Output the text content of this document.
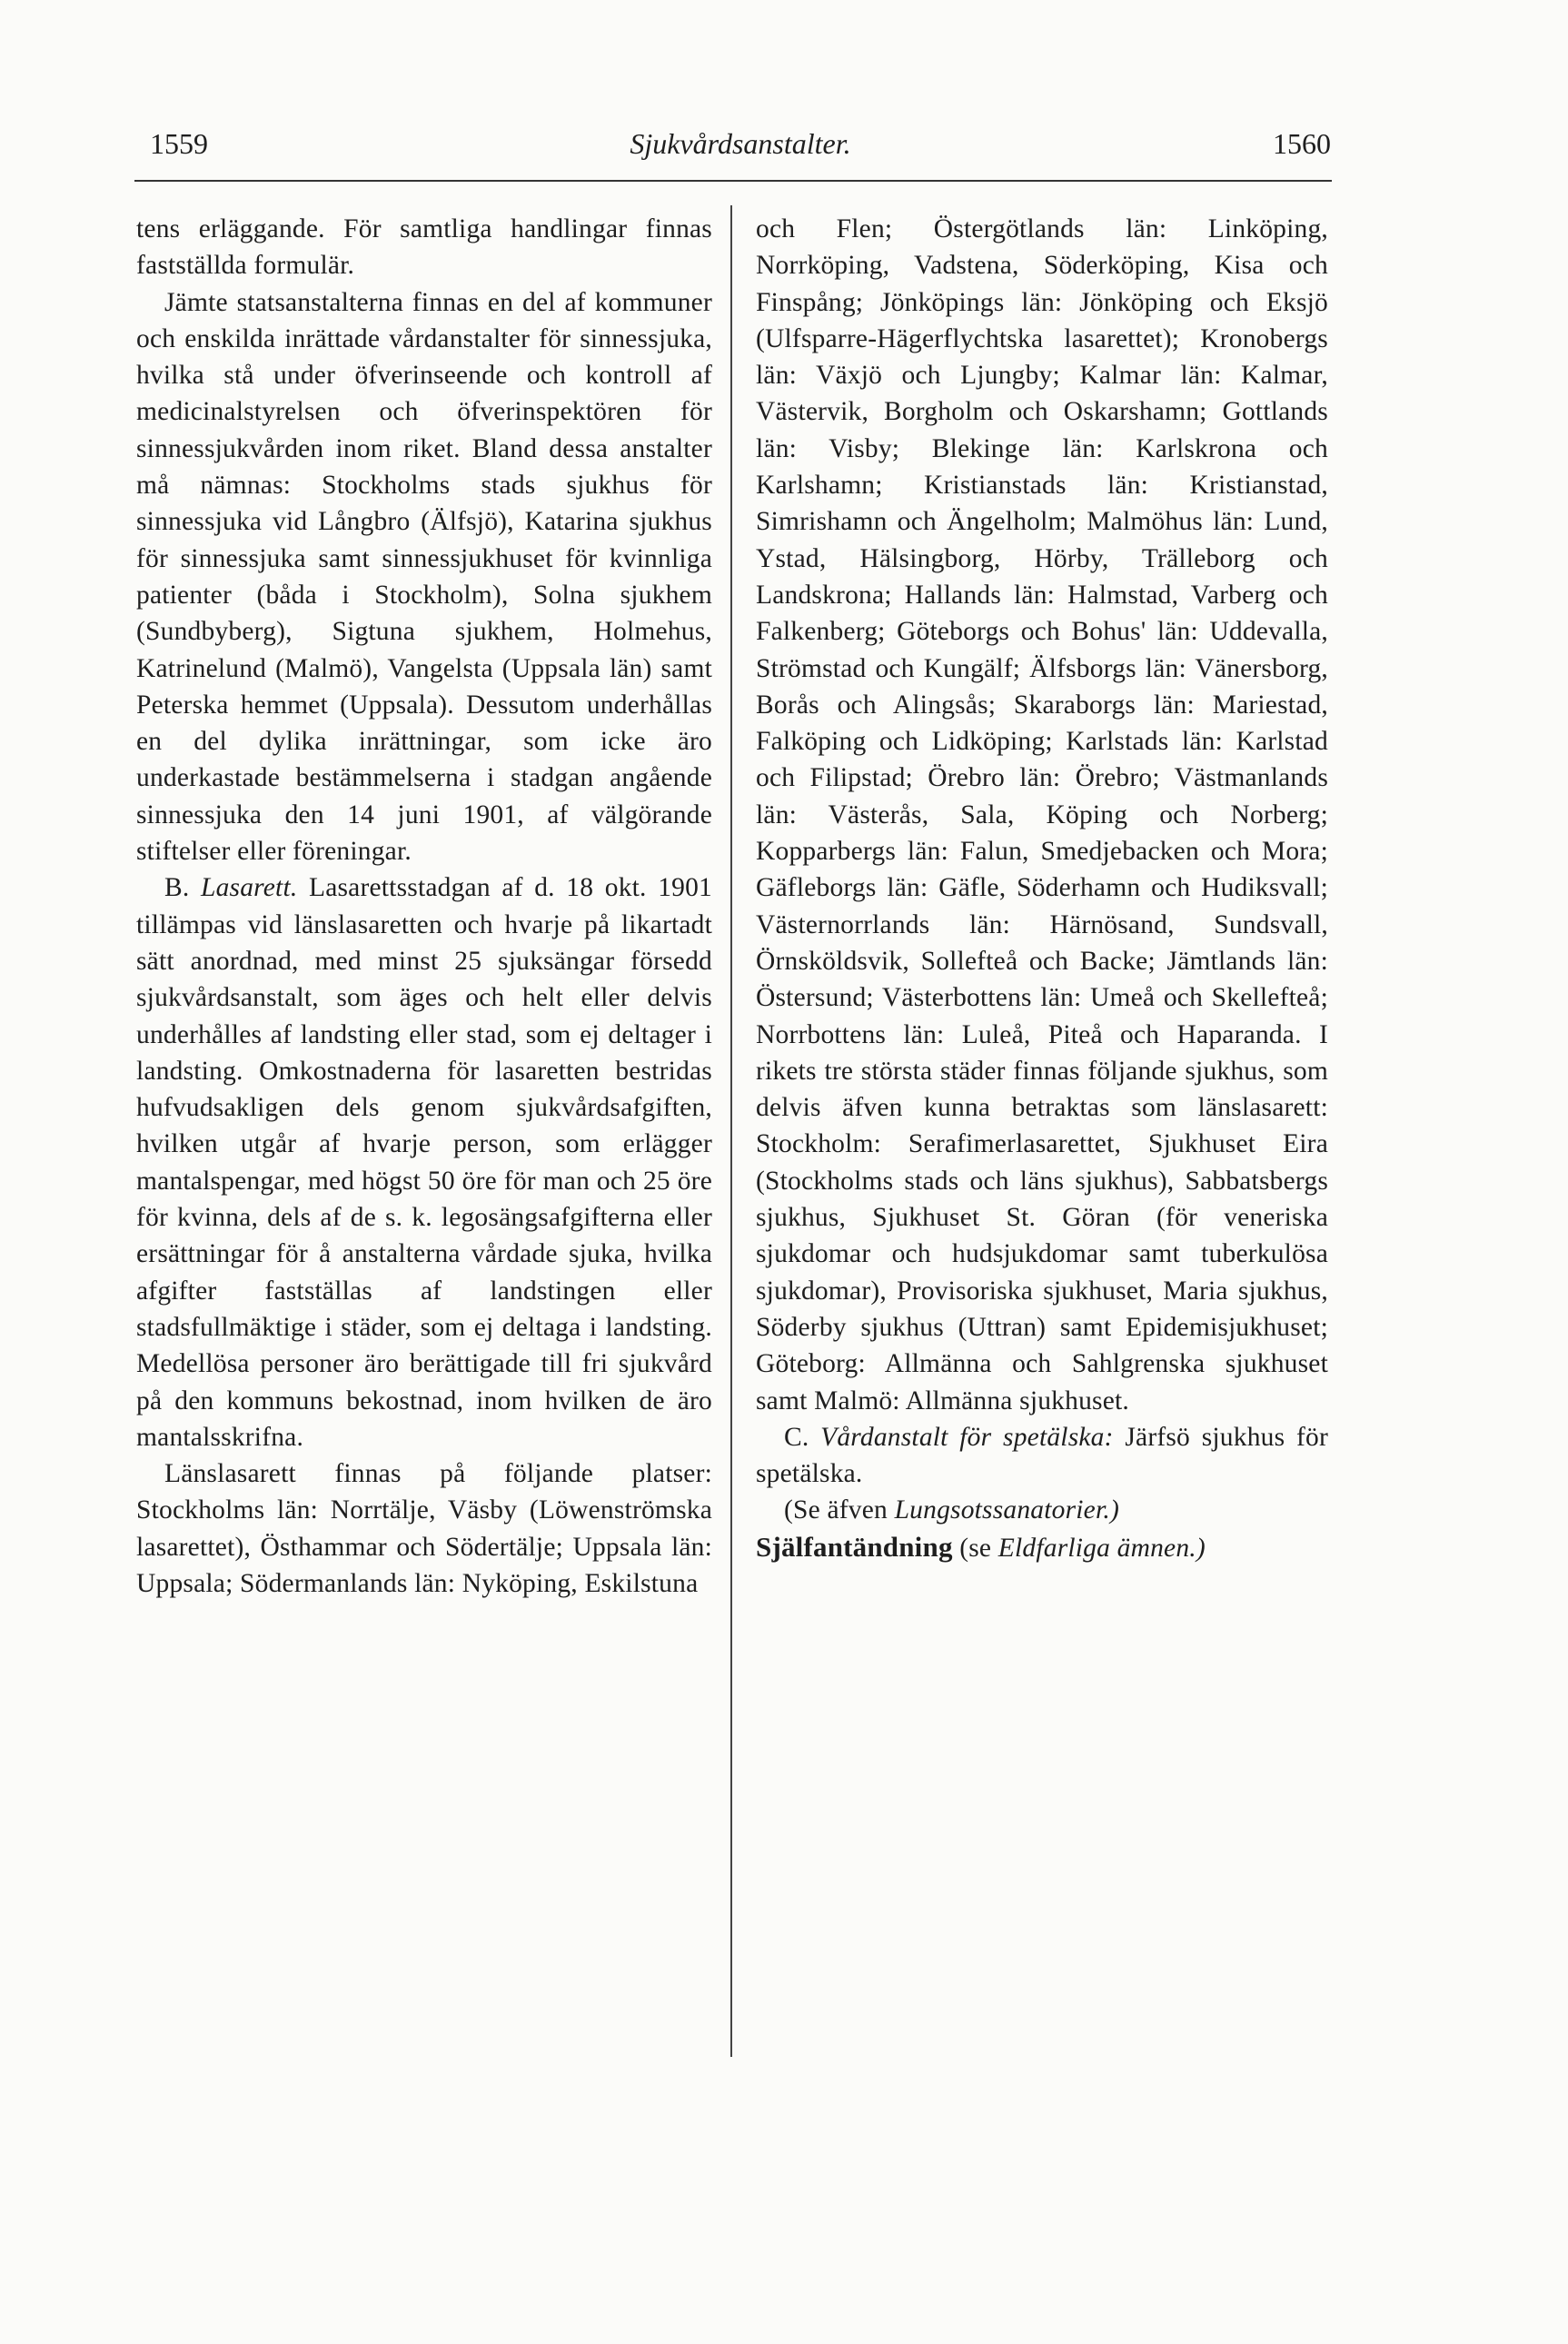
1559	Sjukvårdsanstalter.	1560

tens erläggande. För samtliga handlingar finnas fastställda formulär.

Jämte statsanstalterna finnas en del af kommuner och enskilda inrättade vårdanstalter för sinnessjuka, hvilka stå under öfverinseende och kontroll af medicinalstyrelsen och öfverinspektören för sinnessjukvården inom riket. Bland dessa anstalter må nämnas: Stockholms stads sjukhus för sinnessjuka vid Långbro (Älfsjö), Katarina sjukhus för sinnessjuka samt sinnessjukhuset för kvinnliga patienter (båda i Stockholm), Solna sjukhem (Sundbyberg), Sigtuna sjukhem, Holmehus, Katrinelund (Malmö), Vangelsta (Uppsala län) samt Peterska hemmet (Uppsala). Dessutom underhållas en del dylika inrättningar, som icke äro underkastade bestämmelserna i stadgan angående sinnessjuka den 14 juni 1901, af välgörande stiftelser eller föreningar.

B. Lasarett. Lasarettsstadgan af d. 18 okt. 1901 tillämpas vid länslasaretten och hvarje på likartadt sätt anordnad, med minst 25 sjuksängar försedd sjukvårdsanstalt, som äges och helt eller delvis underhålles af landsting eller stad, som ej deltager i landsting. Omkostnaderna för lasaretten bestridas hufvudsakligen dels genom sjukvårdsafgiften, hvilken utgår af hvarje person, som erlägger mantalspengar, med högst 50 öre för man och 25 öre för kvinna, dels af de s. k. legosängsafgifterna eller ersättningar för å anstalterna vårdade sjuka, hvilka afgifter fastställas af landstingen eller stadsfullmäktige i städer, som ej deltaga i landsting. Medellösa personer äro berättigade till fri sjukvård på den kommuns bekostnad, inom hvilken de äro mantalsskrifna.

Länslasarett finnas på följande platser: Stockholms län: Norrtälje, Väsby (Löwenströmska lasarettet), Östhammar och Södertälje; Uppsala län: Uppsala; Södermanlands län: Nyköping, Eskilstuna

och Flen; Östergötlands län: Linköping, Norrköping, Vadstena, Söderköping, Kisa och Finspång; Jönköpings län: Jönköping och Eksjö (Ulfsparre-Hägerflychtska lasarettet); Kronobergs län: Växjö och Ljungby; Kalmar län: Kalmar, Västervik, Borgholm och Oskarshamn; Gottlands län: Visby; Blekinge län: Karlskrona och Karlshamn; Kristianstads län: Kristianstad, Simrishamn och Ängelholm; Malmöhus län: Lund, Ystad, Hälsingborg, Hörby, Trälleborg och Landskrona; Hallands län: Halmstad, Varberg och Falkenberg; Göteborgs och Bohus' län: Uddevalla, Strömstad och Kungälf; Älfsborgs län: Vänersborg, Borås och Alingsås; Skaraborgs län: Mariestad, Falköping och Lidköping; Karlstads län: Karlstad och Filipstad; Örebro län: Örebro; Västmanlands län: Västerås, Sala, Köping och Norberg; Kopparbergs län: Falun, Smedjebacken och Mora; Gäfleborgs län: Gäfle, Söderhamn och Hudiksvall; Västernorrlands län: Härnösand, Sundsvall, Örnsköldsvik, Sollefteå och Backe; Jämtlands län: Östersund; Västerbottens län: Umeå och Skellefteå; Norrbottens län: Luleå, Piteå och Haparanda. I rikets tre största städer finnas följande sjukhus, som delvis äfven kunna betraktas som länslasarett: Stockholm: Serafimerlasarettet, Sjukhuset Eira (Stockholms stads och läns sjukhus), Sabbatsbergs sjukhus, Sjukhuset St. Göran (för veneriska sjukdomar och hudsjukdomar samt tuberkulösa sjukdomar), Provisoriska sjukhuset, Maria sjukhus, Söderby sjukhus (Uttran) samt Epidemisjukhuset; Göteborg: Allmänna och Sahlgrenska sjukhuset samt Malmö: Allmänna sjukhuset.

C. Vårdanstalt för spetälska: Järfsö sjukhus för spetälska.

(Se äfven Lungsotssanatorier.)

Själfantändning (se Eldfarliga ämnen.)
